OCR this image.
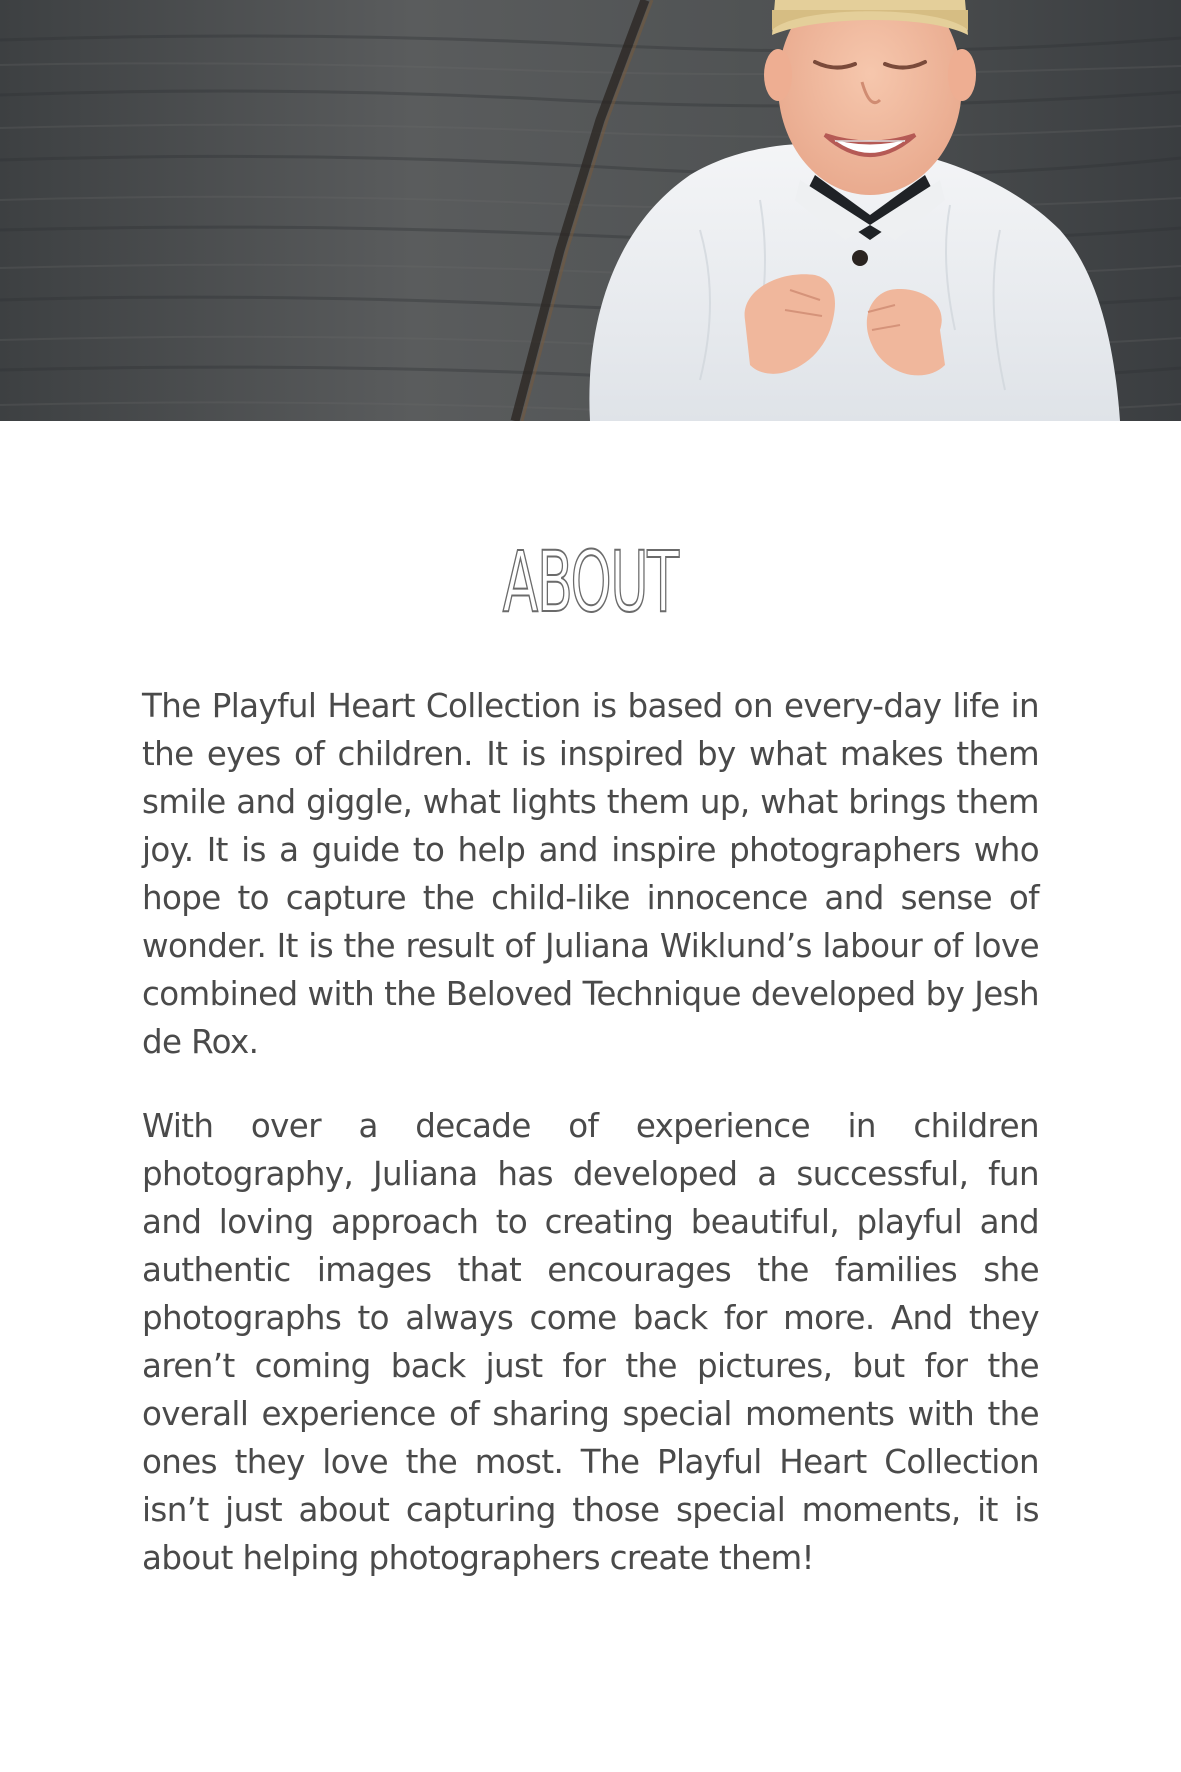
ABOUT

The Playful Heart Collection is based on every-day life in the eyes of children. It is inspired by what makes them smile and giggle, what lights them up, what brings them joy. It is a guide to help and inspire photographers who hope to capture the child-like innocence and sense of wonder. It is the result of Juliana Wiklund’s labour of love combined with the Beloved Technique developed by Jesh de Rox.

With over a decade of experience in children photography, Juliana has developed a successful, fun and loving approach to creating beautiful, playful and authentic images that encourages the families she photographs to always come back for more. And they aren’t coming back just for the pictures, but for the overall experience of sharing special moments with the ones they love the most. The Playful Heart Collection isn’t just about capturing those special moments, it is about helping photographers create them!
